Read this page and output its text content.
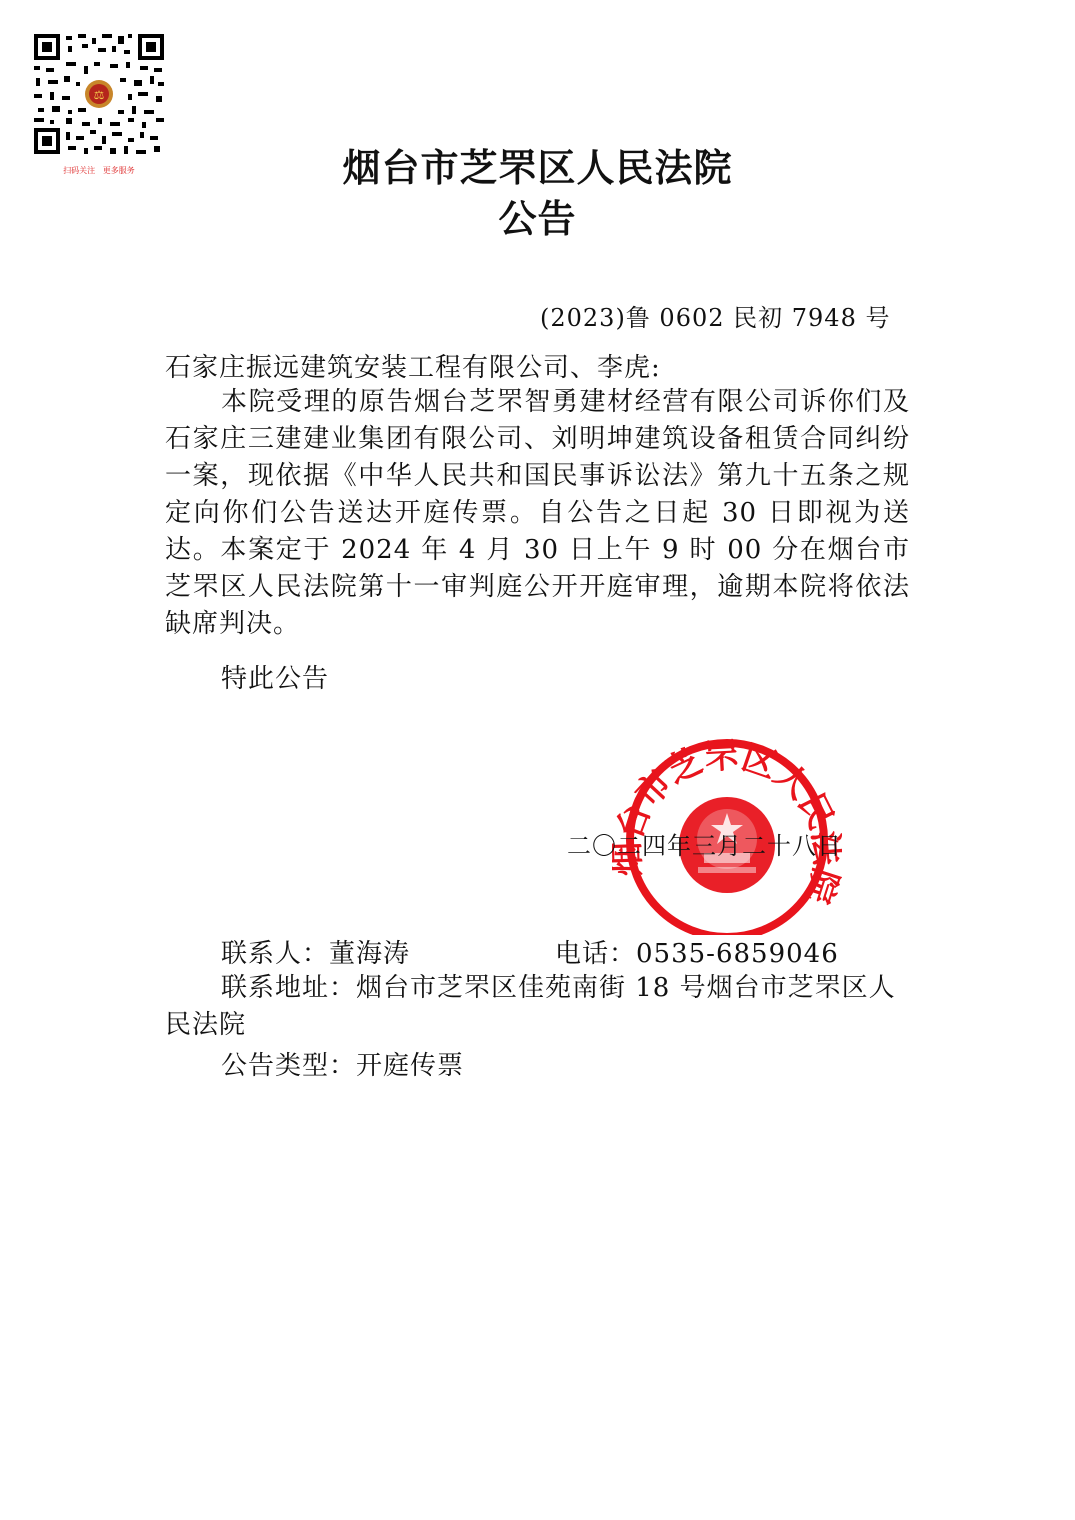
⚖
扫码关注   更多服务	烟台市芝罘区人民法院
公告
(2023)鲁 0602 民初 7948 号
石家庄振远建筑安装工程有限公司、李虎:
本院受理的原告烟台芝罘智勇建材经营有限公司诉你们及石家庄三建建业集团有限公司、刘明坤建筑设备租赁合同纠纷一案，现依据《中华人民共和国民事诉讼法》第九十五条之规定向你们公告送达开庭传票。自公告之日起 30 日即视为送达。本案定于 2024 年 4 月 30 日上午 9 时 00 分在烟台市芝罘区人民法院第十一审判庭公开开庭审理，逾期本院将依法缺席判决。
特此公告
台市芝罘区人民 院
二〇二四年三月二十八日
联系人：董海涛	电话：0535-6859046
联系地址：烟台市芝罘区佳苑南街 18 号烟台市芝罘区人民法院
公告类型：开庭传票
